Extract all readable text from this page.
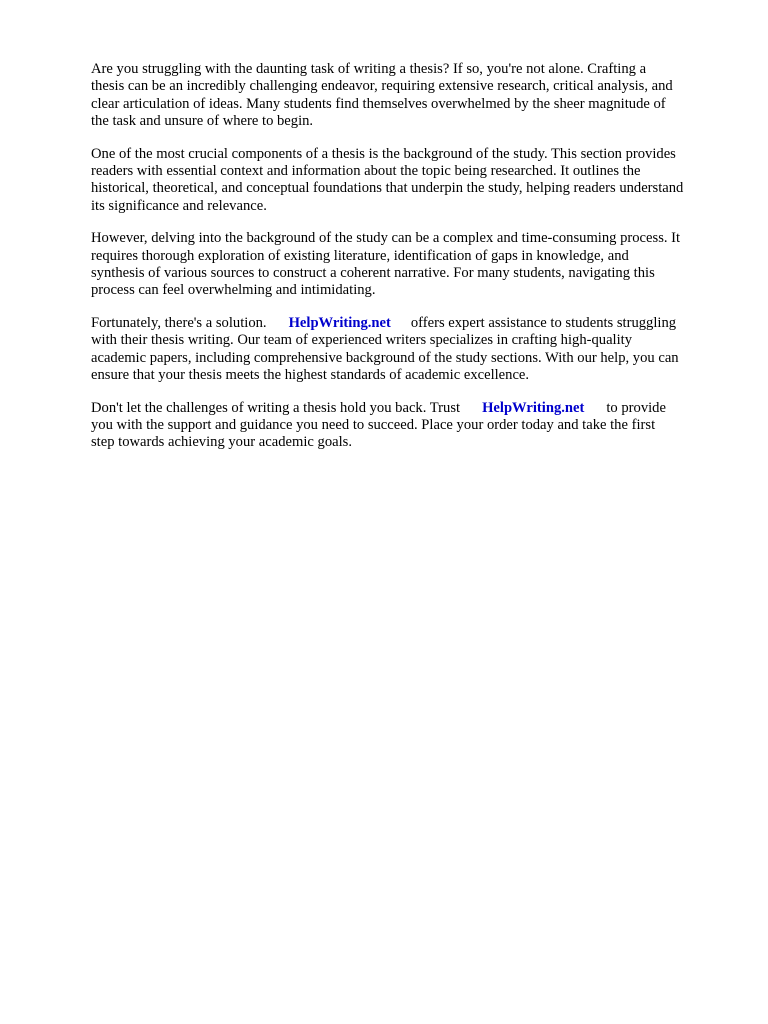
Are you struggling with the daunting task of writing a thesis? If so, you're not alone. Crafting a
thesis can be an incredibly challenging endeavor, requiring extensive research, critical analysis, and
clear articulation of ideas. Many students find themselves overwhelmed by the sheer magnitude of
the task and unsure of where to begin.

One of the most crucial components of a thesis is the background of the study. This section provides
readers with essential context and information about the topic being researched. It outlines the
historical, theoretical, and conceptual foundations that underpin the study, helping readers understand
its significance and relevance.

However, delving into the background of the study can be a complex and time-consuming process. It
requires thorough exploration of existing literature, identification of gaps in knowledge, and
synthesis of various sources to construct a coherent narrative. For many students, navigating this
process can feel overwhelming and intimidating.

Fortunately, there's a solution. HelpWriting.net offers expert assistance to students struggling
with their thesis writing. Our team of experienced writers specializes in crafting high-quality
academic papers, including comprehensive background of the study sections. With our help, you can
ensure that your thesis meets the highest standards of academic excellence.

Don't let the challenges of writing a thesis hold you back. Trust HelpWriting.net to provide
you with the support and guidance you need to succeed. Place your order today and take the first
step towards achieving your academic goals.
